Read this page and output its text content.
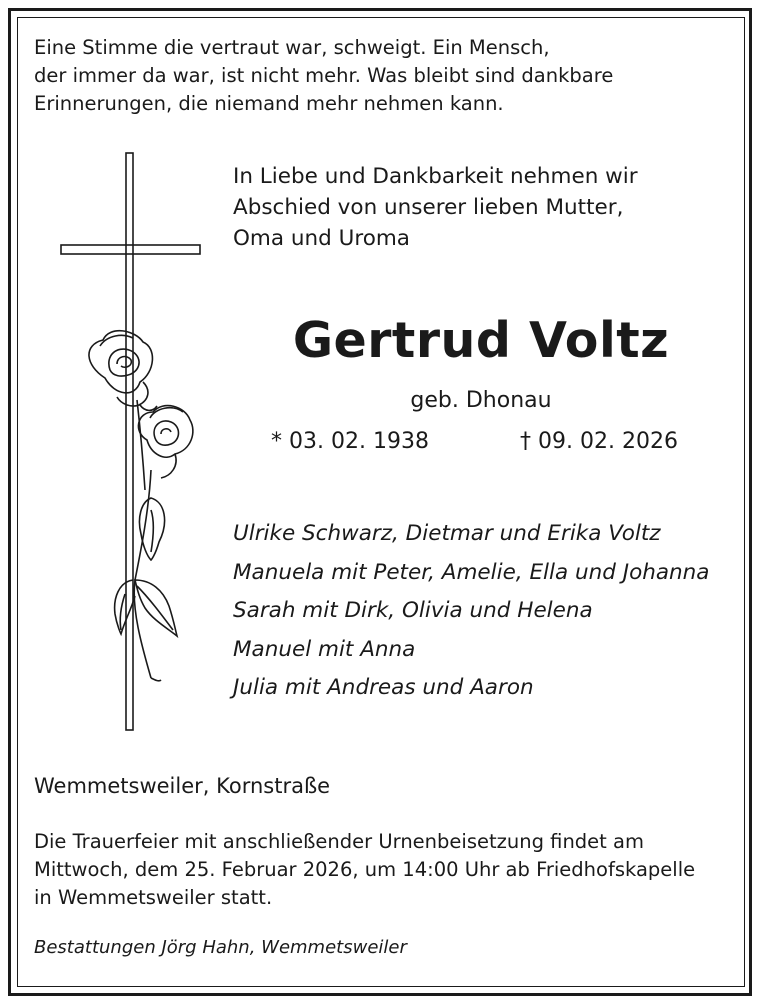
Eine Stimme die vertraut war, schweigt. Ein Mensch,
der immer da war, ist nicht mehr. Was bleibt sind dankbare
Erinnerungen, die niemand mehr nehmen kann.
In Liebe und Dankbarkeit nehmen wir
Abschied von unserer lieben Mutter,
Oma und Uroma
Gertrud Voltz
geb. Dhonau
* 03. 02. 1938	† 09. 02. 2026
Ulrike Schwarz, Dietmar und Erika Voltz
Manuela mit Peter, Amelie, Ella und Johanna
Sarah mit Dirk, Olivia und Helena
Manuel mit Anna
Julia mit Andreas und Aaron
Wemmetsweiler, Kornstraße
Die Trauerfeier mit anschließender Urnenbeisetzung findet am
Mittwoch, dem 25. Februar 2026, um 14:00 Uhr ab Friedhofskapelle
in Wemmetsweiler statt.
Bestattungen Jörg Hahn, Wemmetsweiler
